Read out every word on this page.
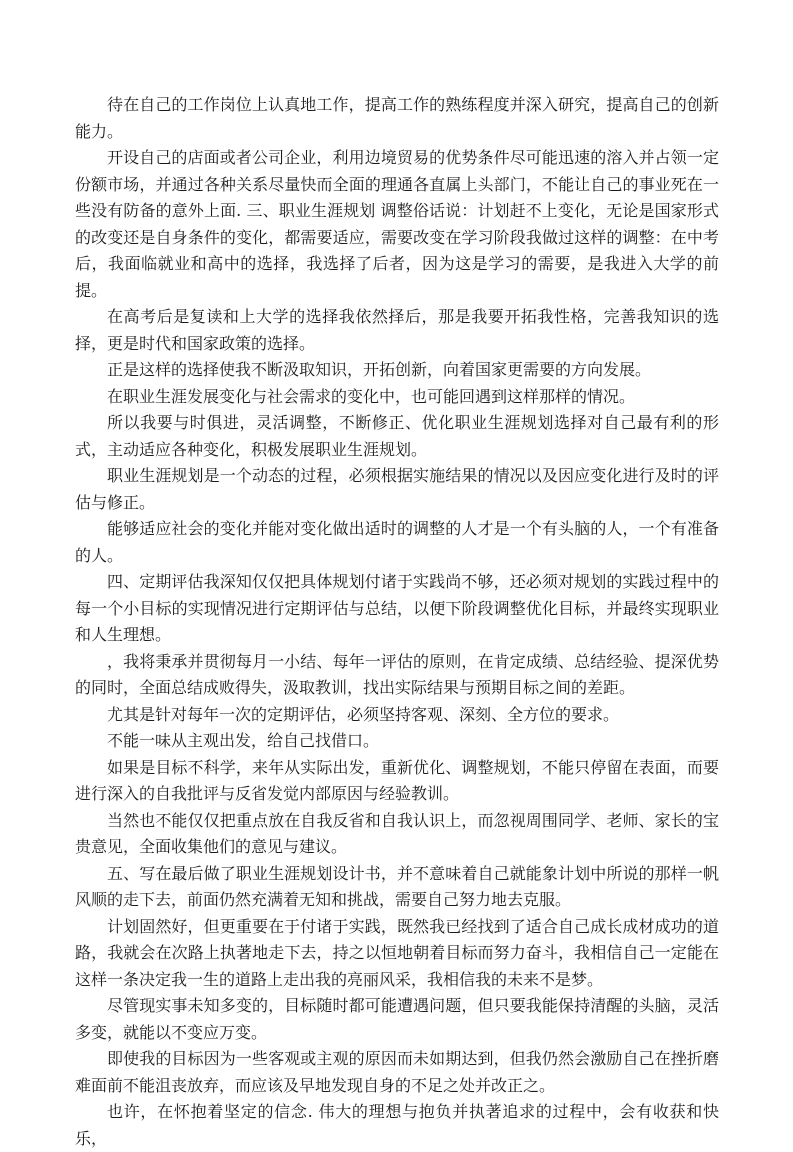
待在自己的工作岗位上认真地工作，提高工作的熟练程度并深入研究，提高自己的创新能力。

开设自己的店面或者公司企业，利用边境贸易的优势条件尽可能迅速的溶入并占领一定份额市场，并通过各种关系尽量快而全面的理通各直属上头部门，不能让自己的事业死在一些没有防备的意外上面. 三、职业生涯规划 调整俗话说：计划赶不上变化，无论是国家形式的改变还是自身条件的变化，都需要适应，需要改变在学习阶段我做过这样的调整：在中考后，我面临就业和高中的选择，我选择了后者，因为这是学习的需要，是我进入大学的前提。

在高考后是复读和上大学的选择我依然择后，那是我要开拓我性格，完善我知识的选择，更是时代和国家政策的选择。

正是这样的选择使我不断汲取知识，开拓创新，向着国家更需要的方向发展。

在职业生涯发展变化与社会需求的变化中，也可能回遇到这样那样的情况。

所以我要与时俱进，灵活调整，不断修正、优化职业生涯规划选择对自己最有利的形式，主动适应各种变化，积极发展职业生涯规划。

职业生涯规划是一个动态的过程，必须根据实施结果的情况以及因应变化进行及时的评估与修正。

能够适应社会的变化并能对变化做出适时的调整的人才是一个有头脑的人，一个有准备的人。

四、定期评估我深知仅仅把具体规划付诸于实践尚不够，还必须对规划的实践过程中的每一个小目标的实现情况进行定期评估与总结，以便下阶段调整优化目标，并最终实现职业和人生理想。

，我将秉承并贯彻每月一小结、每年一评估的原则，在肯定成绩、总结经验、提深优势的同时，全面总结成败得失，汲取教训，找出实际结果与预期目标之间的差距。

尤其是针对每年一次的定期评估，必须坚持客观、深刻、全方位的要求。

不能一味从主观出发，给自己找借口。

如果是目标不科学，来年从实际出发，重新优化、调整规划，不能只停留在表面，而要进行深入的自我批评与反省发觉内部原因与经验教训。

当然也不能仅仅把重点放在自我反省和自我认识上，而忽视周围同学、老师、家长的宝贵意见，全面收集他们的意见与建议。

五、写在最后做了职业生涯规划设计书，并不意味着自己就能象计划中所说的那样一帆风顺的走下去，前面仍然充满着无知和挑战，需要自己努力地去克服。

计划固然好，但更重要在于付诸于实践，既然我已经找到了适合自己成长成材成功的道路，我就会在次路上执著地走下去，持之以恒地朝着目标而努力奋斗，我相信自己一定能在这样一条决定我一生的道路上走出我的亮丽风采，我相信我的未来不是梦。

尽管现实事未知多变的，目标随时都可能遭遇问题，但只要我能保持清醒的头脑，灵活多变，就能以不变应万变。

即使我的目标因为一些客观或主观的原因而未如期达到，但我仍然会激励自己在挫折磨难面前不能沮丧放弃，而应该及早地发现自身的不足之处并改正之。

也许，在怀抱着坚定的信念. 伟大的理想与抱负并执著追求的过程中，会有收获和快乐，
